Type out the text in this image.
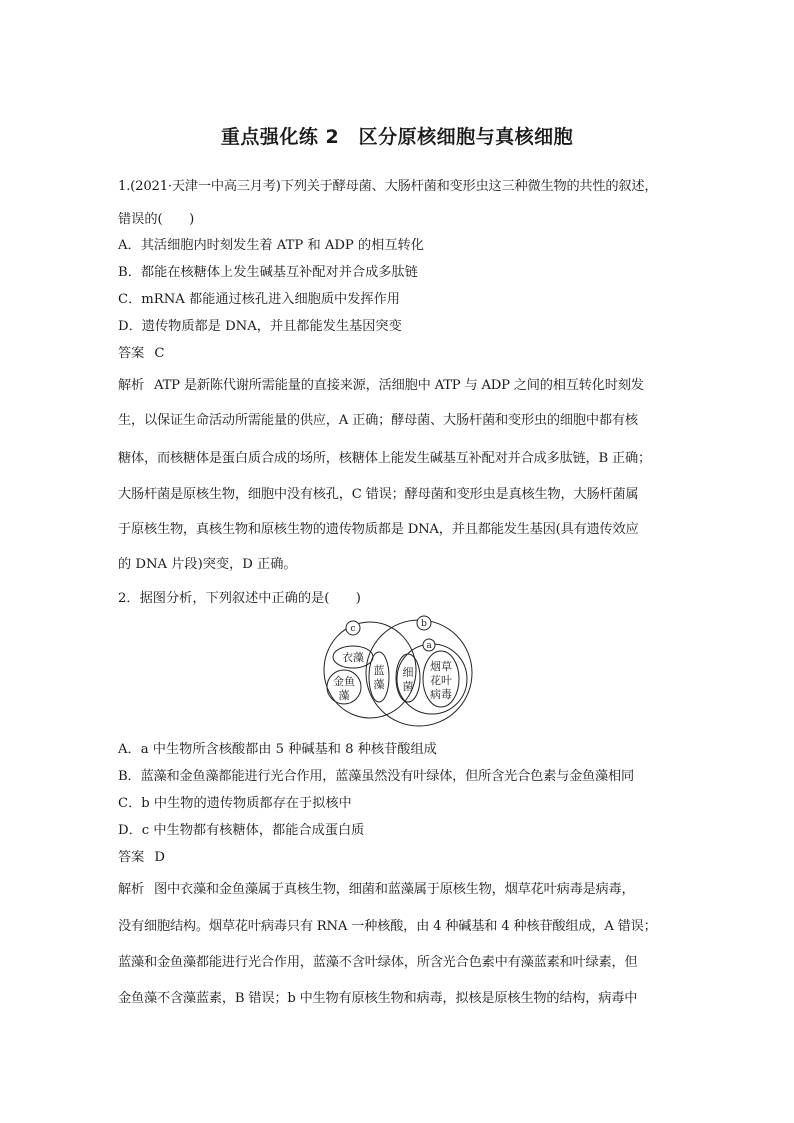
重点强化练 2　区分原核细胞与真核细胞
1.(2021·天津一中高三月考)下列关于酵母菌、大肠杆菌和变形虫这三种微生物的共性的叙述，
错误的(　　)
A．其活细胞内时刻发生着 ATP 和 ADP 的相互转化
B．都能在核糖体上发生碱基互补配对并合成多肽链
C．mRNA 都能通过核孔进入细胞质中发挥作用
D．遗传物质都是 DNA，并且都能发生基因突变
答案 C
解析 ATP 是新陈代谢所需能量的直接来源，活细胞中 ATP 与 ADP 之间的相互转化时刻发
生，以保证生命活动所需能量的供应，A 正确；酵母菌、大肠杆菌和变形虫的细胞中都有核
糖体，而核糖体是蛋白质合成的场所，核糖体上能发生碱基互补配对并合成多肽链，B 正确；
大肠杆菌是原核生物，细胞中没有核孔，C 错误；酵母菌和变形虫是真核生物，大肠杆菌属
于原核生物，真核生物和原核生物的遗传物质都是 DNA，并且都能发生基因(具有遗传效应
的 DNA 片段)突变，D 正确。
2．据图分析，下列叙述中正确的是(　　)
c	b
a
衣藻
金鱼
藻
蓝
藻
细
菌
烟草
花叶
病毒
A．a 中生物所含核酸都由 5 种碱基和 8 种核苷酸组成
B．蓝藻和金鱼藻都能进行光合作用，蓝藻虽然没有叶绿体，但所含光合色素与金鱼藻相同
C．b 中生物的遗传物质都存在于拟核中
D．c 中生物都有核糖体，都能合成蛋白质
答案 D
解析 图中衣藻和金鱼藻属于真核生物，细菌和蓝藻属于原核生物，烟草花叶病毒是病毒，
没有细胞结构。烟草花叶病毒只有 RNA 一种核酸，由 4 种碱基和 4 种核苷酸组成，A 错误；
蓝藻和金鱼藻都能进行光合作用，蓝藻不含叶绿体，所含光合色素中有藻蓝素和叶绿素，但
金鱼藻不含藻蓝素，B 错误；b 中生物有原核生物和病毒，拟核是原核生物的结构，病毒中
